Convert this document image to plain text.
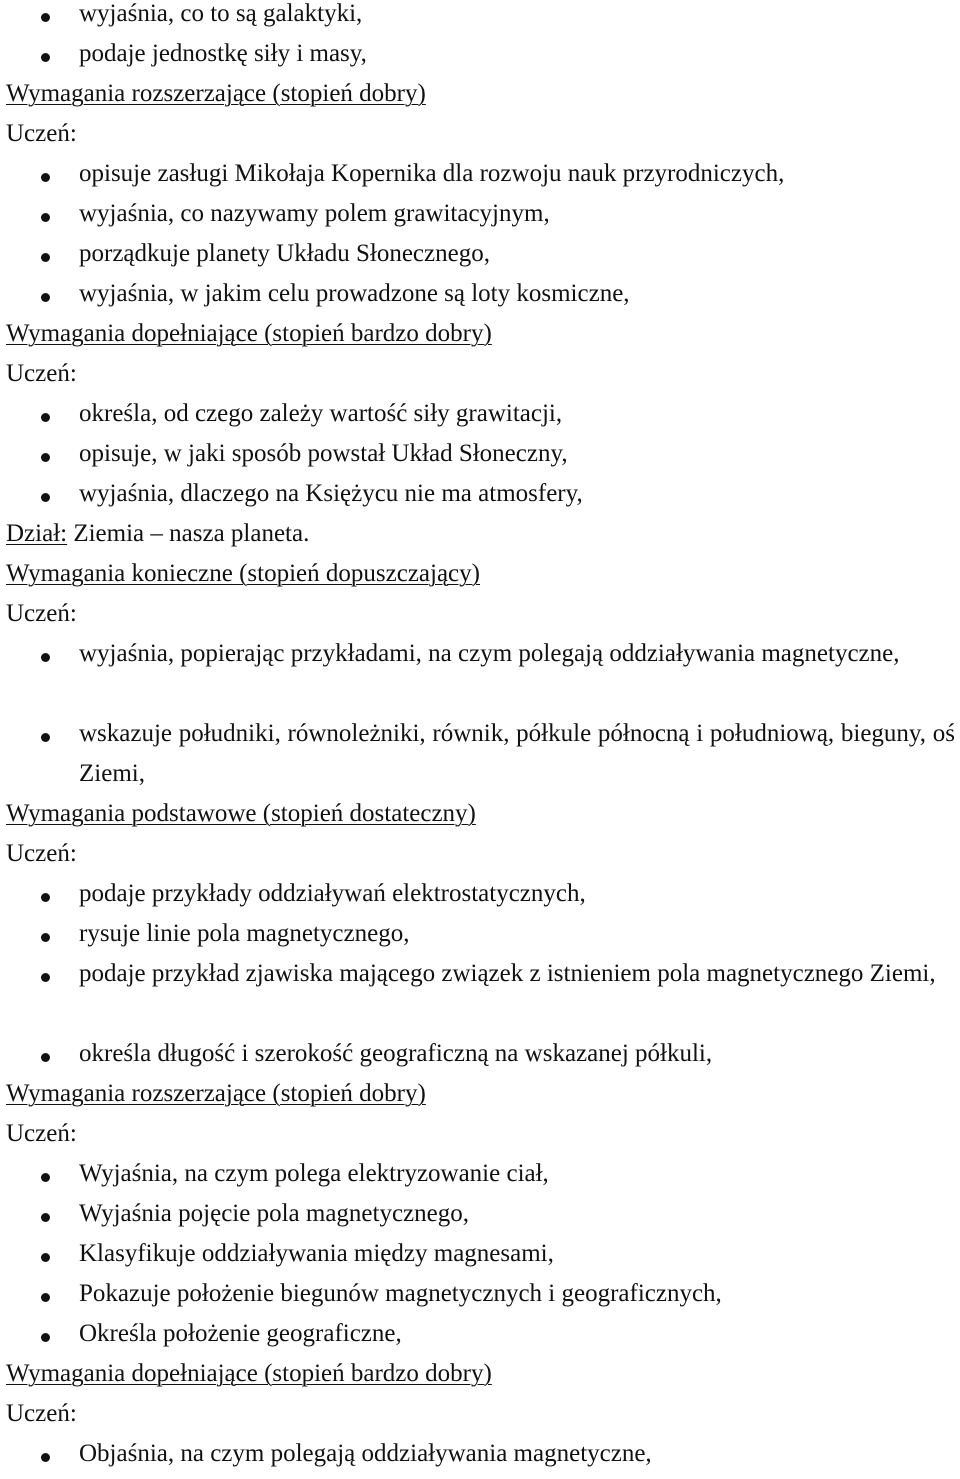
wyjaśnia, co to są galaktyki,
podaje jednostkę siły i masy,
Wymagania rozszerzające (stopień dobry)
Uczeń:
opisuje zasługi Mikołaja Kopernika dla rozwoju nauk przyrodniczych,
wyjaśnia, co nazywamy polem grawitacyjnym,
porządkuje planety Układu Słonecznego,
wyjaśnia, w jakim celu prowadzone są loty kosmiczne,
Wymagania dopełniające (stopień bardzo dobry)
Uczeń:
określa, od czego zależy wartość siły grawitacji,
opisuje, w jaki sposób powstał Układ Słoneczny,
wyjaśnia, dlaczego na Księżycu nie ma atmosfery,
Dział: Ziemia – nasza planeta.
Wymagania konieczne (stopień dopuszczający)
Uczeń:
wyjaśnia, popierając przykładami, na czym polegają oddziaływania magnetyczne,
wskazuje południki, równoleżniki, równik, półkule północną i południową, bieguny, oś Ziemi,
Wymagania podstawowe (stopień dostateczny)
Uczeń:
podaje przykłady oddziaływań elektrostatycznych,
rysuje linie pola magnetycznego,
podaje przykład zjawiska mającego związek z istnieniem pola magnetycznego Ziemi,
określa długość i szerokość geograficzną na wskazanej półkuli,
Wymagania rozszerzające (stopień dobry)
Uczeń:
Wyjaśnia, na czym polega elektryzowanie ciał,
Wyjaśnia pojęcie pola magnetycznego,
Klasyfikuje oddziaływania między magnesami,
Pokazuje położenie biegunów magnetycznych i geograficznych,
Określa położenie geograficzne,
Wymagania dopełniające (stopień bardzo dobry)
Uczeń:
Objaśnia, na czym polegają oddziaływania magnetyczne,
